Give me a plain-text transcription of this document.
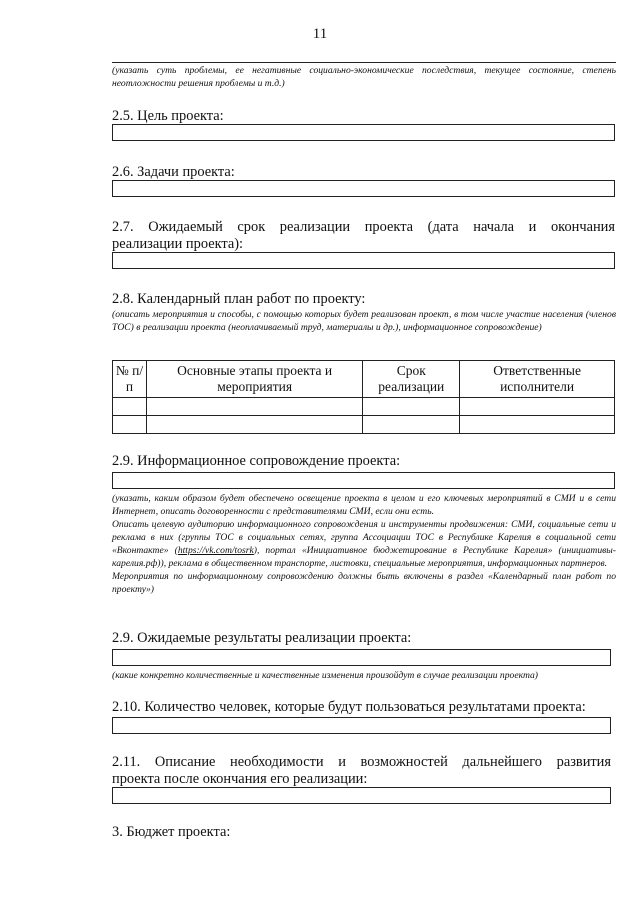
11
(указать суть проблемы, ее негативные социально-экономические последствия, текущее состояние, степень неотложности решения проблемы и т.д.)
2.5. Цель проекта:
2.6. Задачи проекта:
2.7. Ожидаемый срок реализации проекта (дата начала и окончания
реализации проекта):
2.8. Календарный план работ по проекту:
(описать мероприятия и способы, с помощью которых будет реализован проект, в том числе участие населения (членов ТОС) в реализации проекта (неоплачиваемый труд, материалы и др.), информационное сопровождение)
№ п/п	Основные этапы проекта и мероприятия	Срок реализации	Ответственные исполнители

2.9. Информационное сопровождение проекта:

(указать, каким образом будет обеспечено освещение проекта в целом и его ключевых мероприятий в СМИ и в сети Интернет, описать договоренности с представителями СМИ, если они есть.

Описать целевую аудиторию информационного сопровождения и инструменты продвижения: СМИ, социальные сети и реклама в них (группы ТОС в социальных сетях, группа Ассоциации ТОС в Республике Карелия в социальной сети «Вконтакте» (https://vk.com/tosrk), портал «Инициативное бюджетирование в Республике Карелия» (инициативы-карелия.рф)), реклама в общественном транспорте, листовки, специальные мероприятия, информационных партнеров.

Мероприятия по информационному сопровождению должны быть включены в раздел «Календарный план работ по проекту»)

2.9. Ожидаемые результаты реализации проекта:
(какие конкретно количественные и качественные изменения произойдут в случае реализации проекта)
2.10. Количество человек, которые будут пользоваться результатами проекта:
2.11. Описание необходимости и возможностей дальнейшего развития
проекта после окончания его реализации:
3. Бюджет проекта:
